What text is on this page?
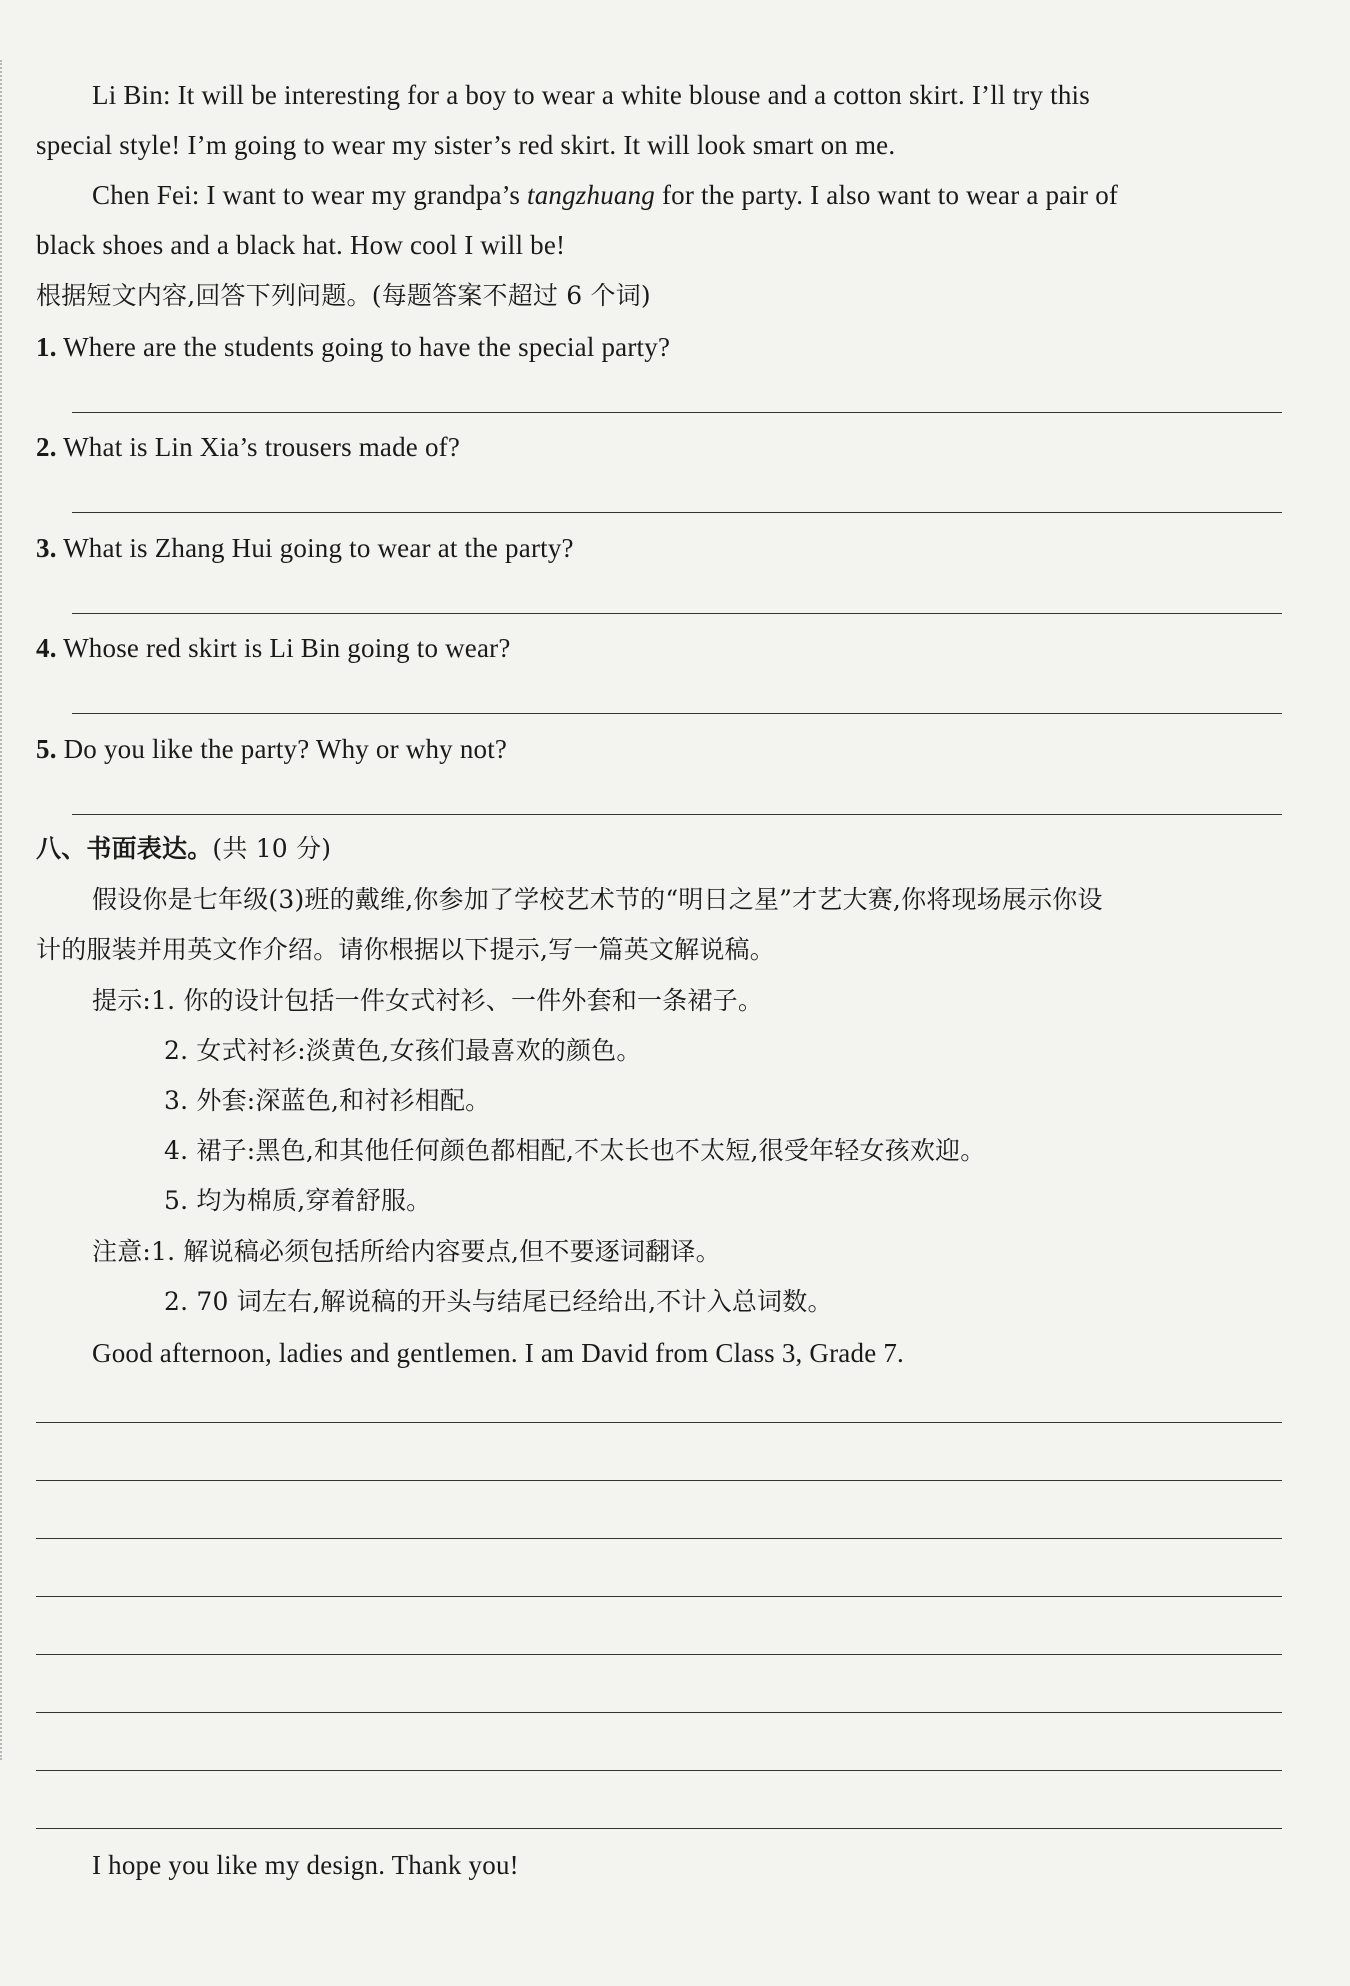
Li Bin: It will be interesting for a boy to wear a white blouse and a cotton skirt. I’ll try this
special style! I’m going to wear my sister’s red skirt. It will look smart on me.
Chen Fei: I want to wear my grandpa’s tangzhuang for the party. I also want to wear a pair of
black shoes and a black hat. How cool I will be!
根据短文内容,回答下列问题。(每题答案不超过 6 个词)
1. Where are the students going to have the special party?
2. What is Lin Xia’s trousers made of?
3. What is Zhang Hui going to wear at the party?
4. Whose red skirt is Li Bin going to wear?
5. Do you like the party? Why or why not?
八、书面表达。(共 10 分)
假设你是七年级(3)班的戴维,你参加了学校艺术节的“明日之星”才艺大赛,你将现场展示你设
计的服装并用英文作介绍。请你根据以下提示,写一篇英文解说稿。
提示:1. 你的设计包括一件女式衬衫、一件外套和一条裙子。
2. 女式衬衫:淡黄色,女孩们最喜欢的颜色。
3. 外套:深蓝色,和衬衫相配。
4. 裙子:黑色,和其他任何颜色都相配,不太长也不太短,很受年轻女孩欢迎。
5. 均为棉质,穿着舒服。
注意:1. 解说稿必须包括所给内容要点,但不要逐词翻译。
2. 70 词左右,解说稿的开头与结尾已经给出,不计入总词数。
Good afternoon, ladies and gentlemen. I am David from Class 3, Grade 7.
I hope you like my design. Thank you!
